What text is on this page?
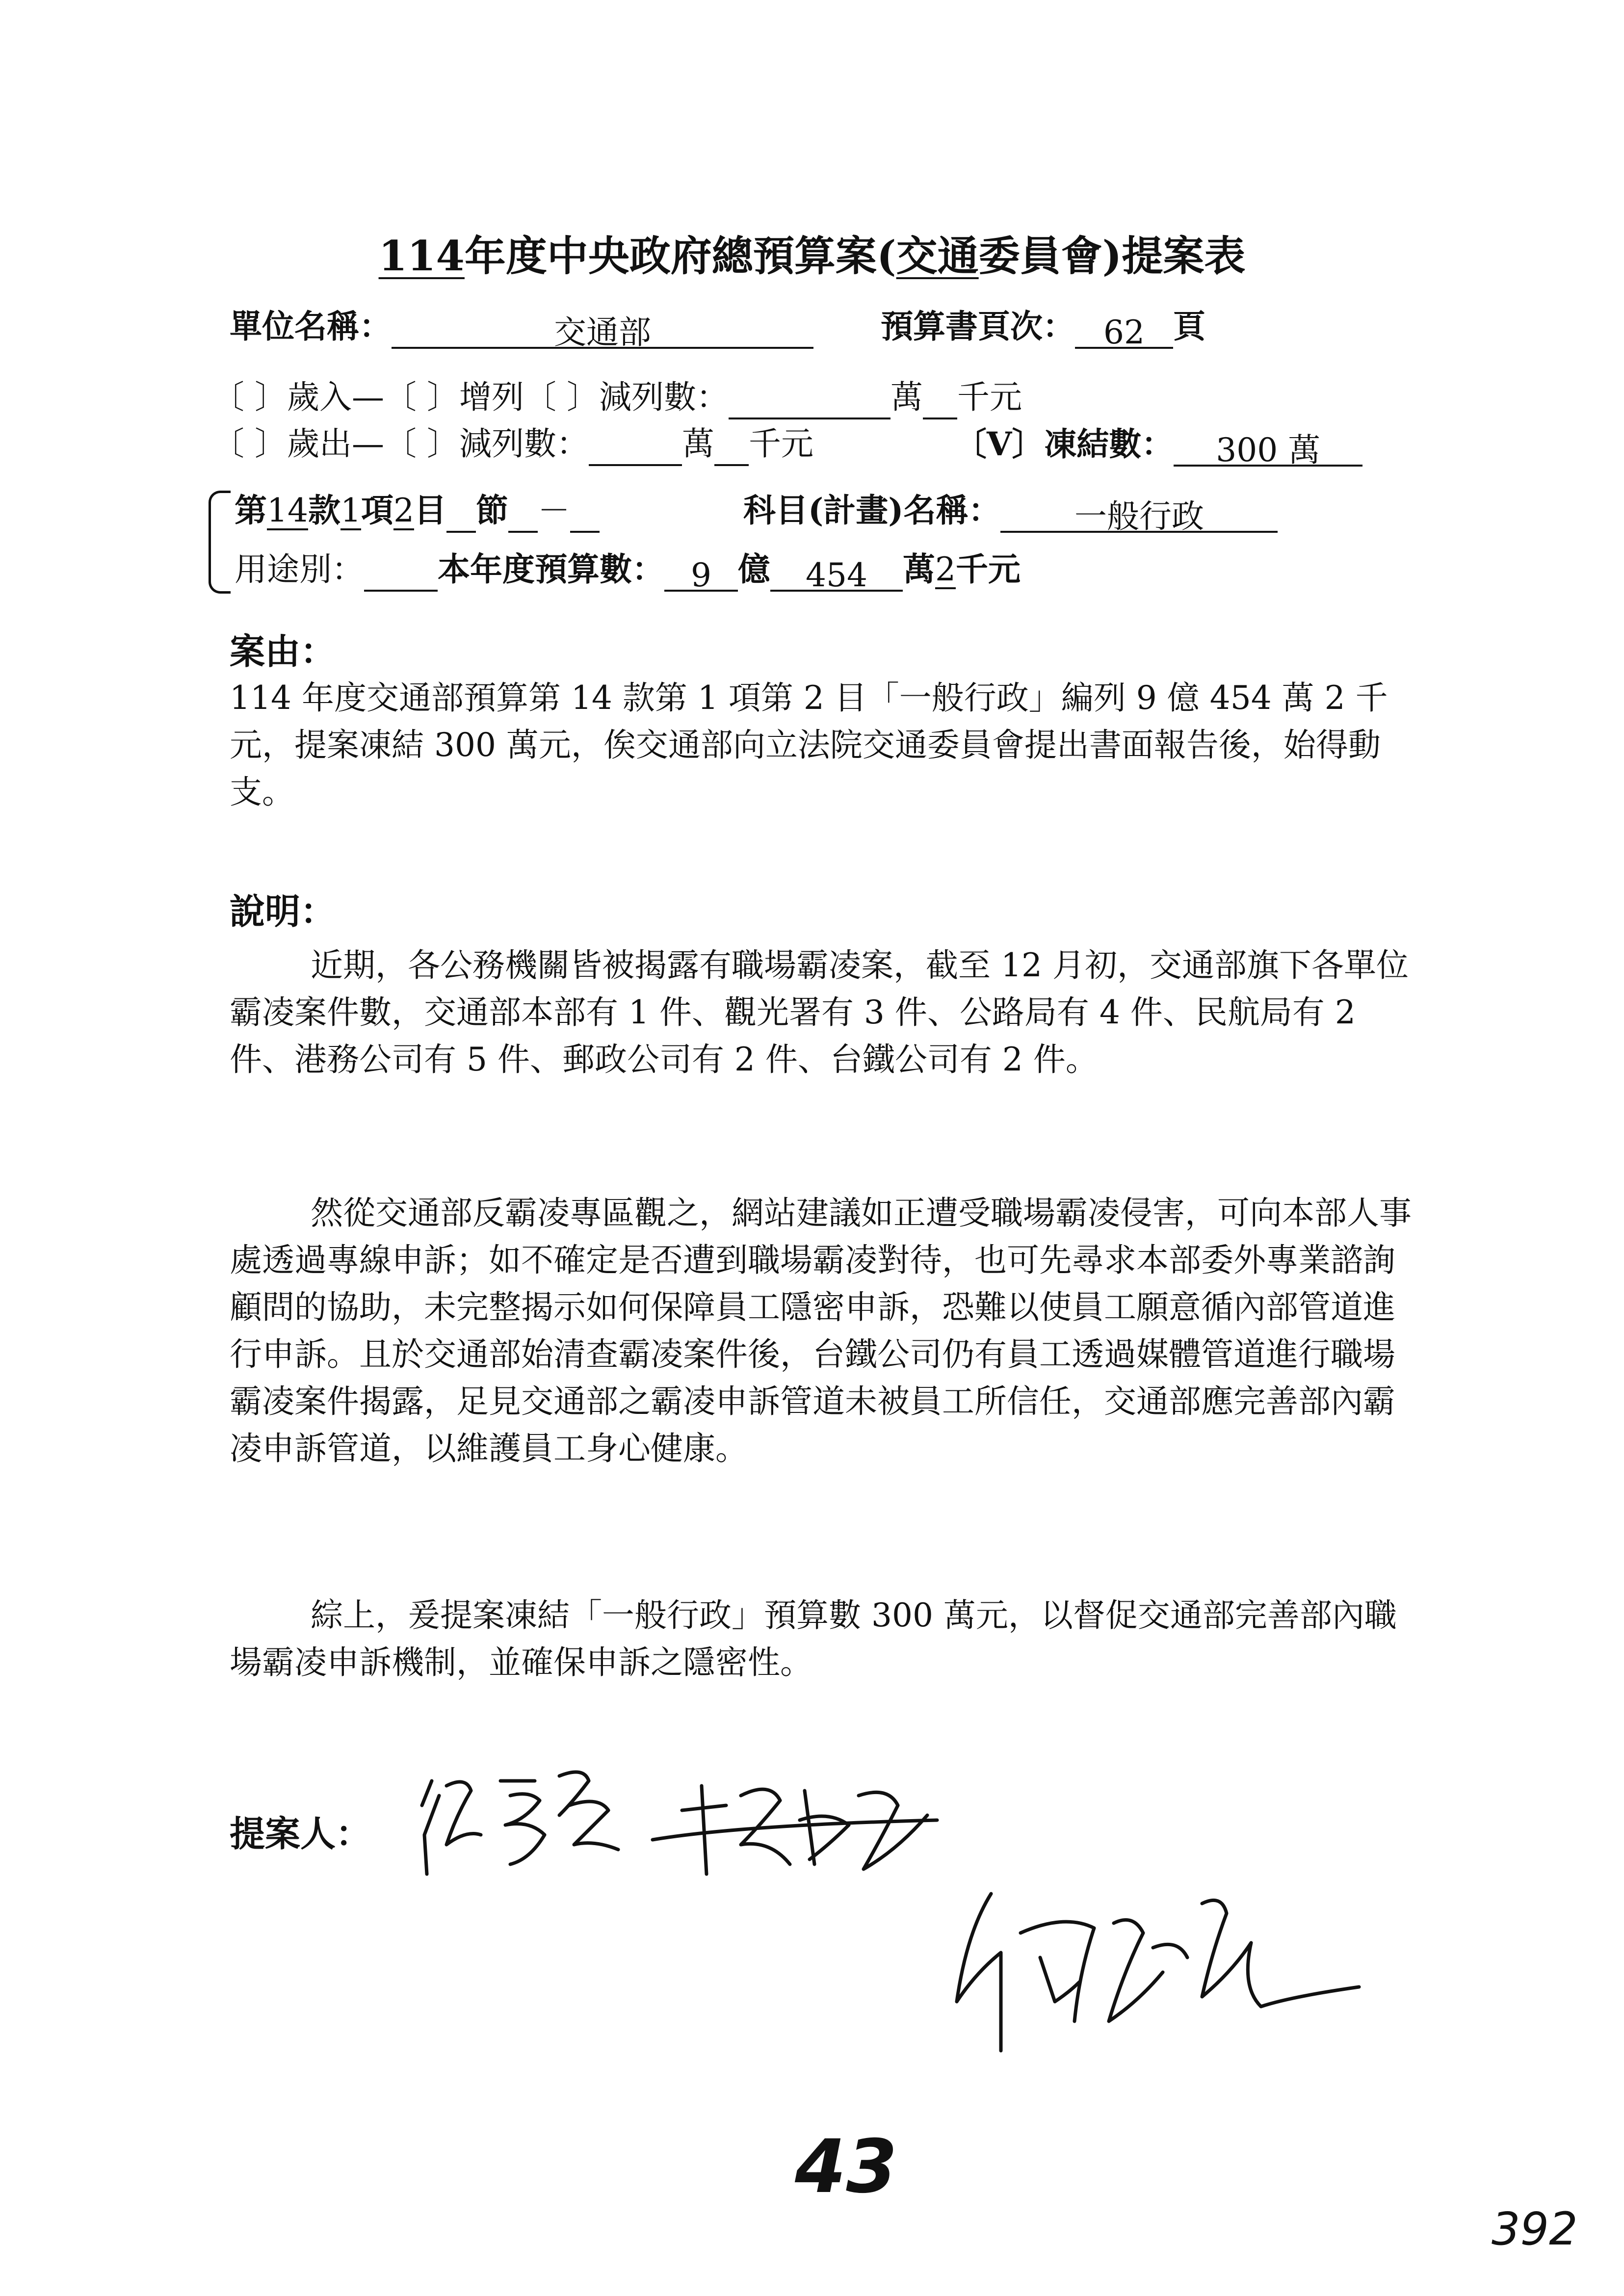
114年度中央政府總預算案(交通委員會)提案表
單位名稱：	交通部	預算書頁次： 62 頁
〔 〕歲入—〔 〕增列〔 〕減列數：	萬 千元
〔 〕歲出—〔 〕減列數：	萬 千元	〔V〕凍結數： 300 萬
第14款1項2目 節 －	科目(計畫)名稱： 一般行政
用途別： 本年度預算數： 9 億 454 萬2千元
案由：
114 年度交通部預算第 14 款第 1 項第 2 目「一般行政」編列 9 億 454 萬 2 千元，提案凍結 300 萬元，俟交通部向立法院交通委員會提出書面報告後，始得動支。
說明：
近期，各公務機關皆被揭露有職場霸凌案，截至 12 月初，交通部旗下各單位霸凌案件數，交通部本部有 1 件、觀光署有 3 件、公路局有 4 件、民航局有 2 件、港務公司有 5 件、郵政公司有 2 件、台鐵公司有 2 件。
然從交通部反霸凌專區觀之，網站建議如正遭受職場霸凌侵害，可向本部人事處透過專線申訴；如不確定是否遭到職場霸凌對待，也可先尋求本部委外專業諮詢顧問的協助，未完整揭示如何保障員工隱密申訴，恐難以使員工願意循內部管道進行申訴。且於交通部始清查霸凌案件後，台鐵公司仍有員工透過媒體管道進行職場霸凌案件揭露，足見交通部之霸凌申訴管道未被員工所信任，交通部應完善部內霸凌申訴管道，以維護員工身心健康。
綜上，爰提案凍結「一般行政」預算數 300 萬元，以督促交通部完善部內職場霸凌申訴機制，並確保申訴之隱密性。
提案人：
43
392
